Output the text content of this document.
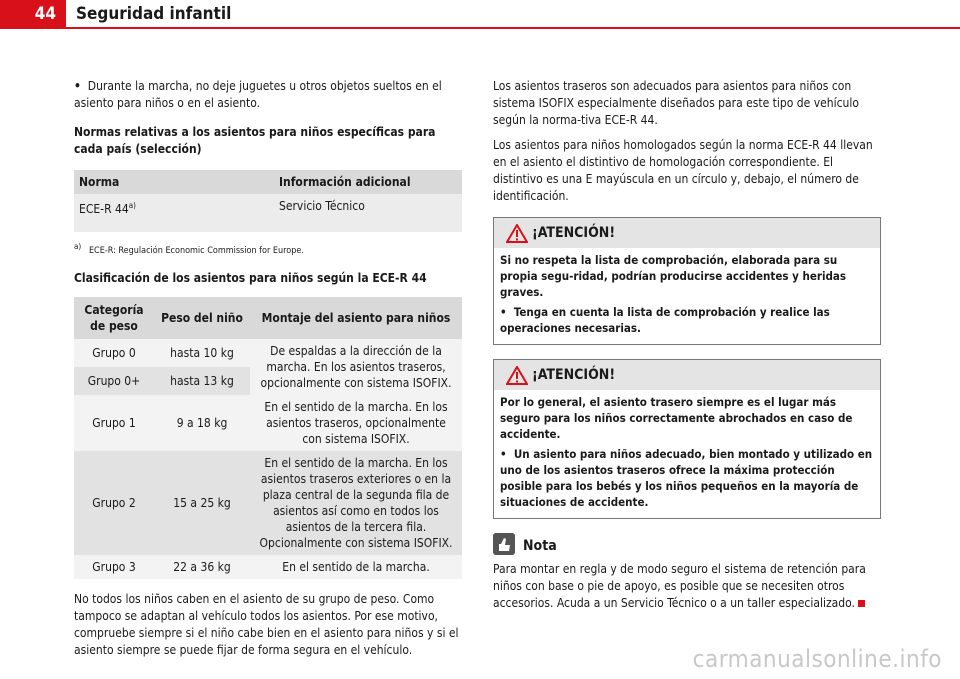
44	Seguridad infantil

• Durante la marcha, no deje juguetes u otros objetos sueltos en el asiento para niños o en el asiento.

Normas relativas a los asientos para niños específicas para cada país (selección)

Norma	Información adicional
ECE-R 44$^{a)}$	Servicio Técnico
$^{a)}$ ECE-R: Regulación Economic Commission for Europe.

Clasificación de los asientos para niños según la ECE-R 44

Categoría de peso	Peso del niño	Montaje del asiento para niños
Grupo 0	hasta 10 kg	De espaldas a la dirección de la marcha. En los asientos traseros, opcionalmente con sistema ISOFIX.
Grupo 0+	hasta 13 kg	
Grupo 1	9 a 18 kg	En el sentido de la marcha. En los asientos traseros, opcionalmente con sistema ISOFIX.
Grupo 2	15 a 25 kg	En el sentido de la marcha. En los asientos traseros exteriores o en la plaza central de la segunda fila de asientos así como en todos los asientos de la tercera fila. Opcionalmente con sistema ISOFIX.
Grupo 3	22 a 36 kg	En el sentido de la marcha.

No todos los niños caben en el asiento de su grupo de peso. Como tampoco se adaptan al vehículo todos los asientos. Por ese motivo, compruebe siempre si el niño cabe bien en el asiento para niños y si el asiento siempre se puede fijar de forma segura en el vehículo.

Los asientos traseros son adecuados para asientos para niños con sistema ISOFIX especialmente diseñados para este tipo de vehículo según la norma-tiva ECE-R 44.

Los asientos para niños homologados según la norma ECE-R 44 llevan en el asiento el distintivo de homologación correspondiente. El distintivo es una E mayúscula en un círculo y, debajo, el número de identificación.

¡ATENCIÓN!

Si no respeta la lista de comprobación, elaborada para su propia segu-ridad, podrían producirse accidentes y heridas graves.

• Tenga en cuenta la lista de comprobación y realice las operaciones necesarias.

¡ATENCIÓN!

Por lo general, el asiento trasero siempre es el lugar más seguro para los niños correctamente abrochados en caso de accidente.

• Un asiento para niños adecuado, bien montado y utilizado en uno de los asientos traseros ofrece la máxima protección posible para los bebés y los niños pequeños en la mayoría de situaciones de accidente.

Nota

Para montar en regla y de modo seguro el sistema de retención para niños con base o pie de apoyo, es posible que se necesiten otros accesorios. Acuda a un Servicio Técnico o a un taller especializado.

carmanualsonline.info
